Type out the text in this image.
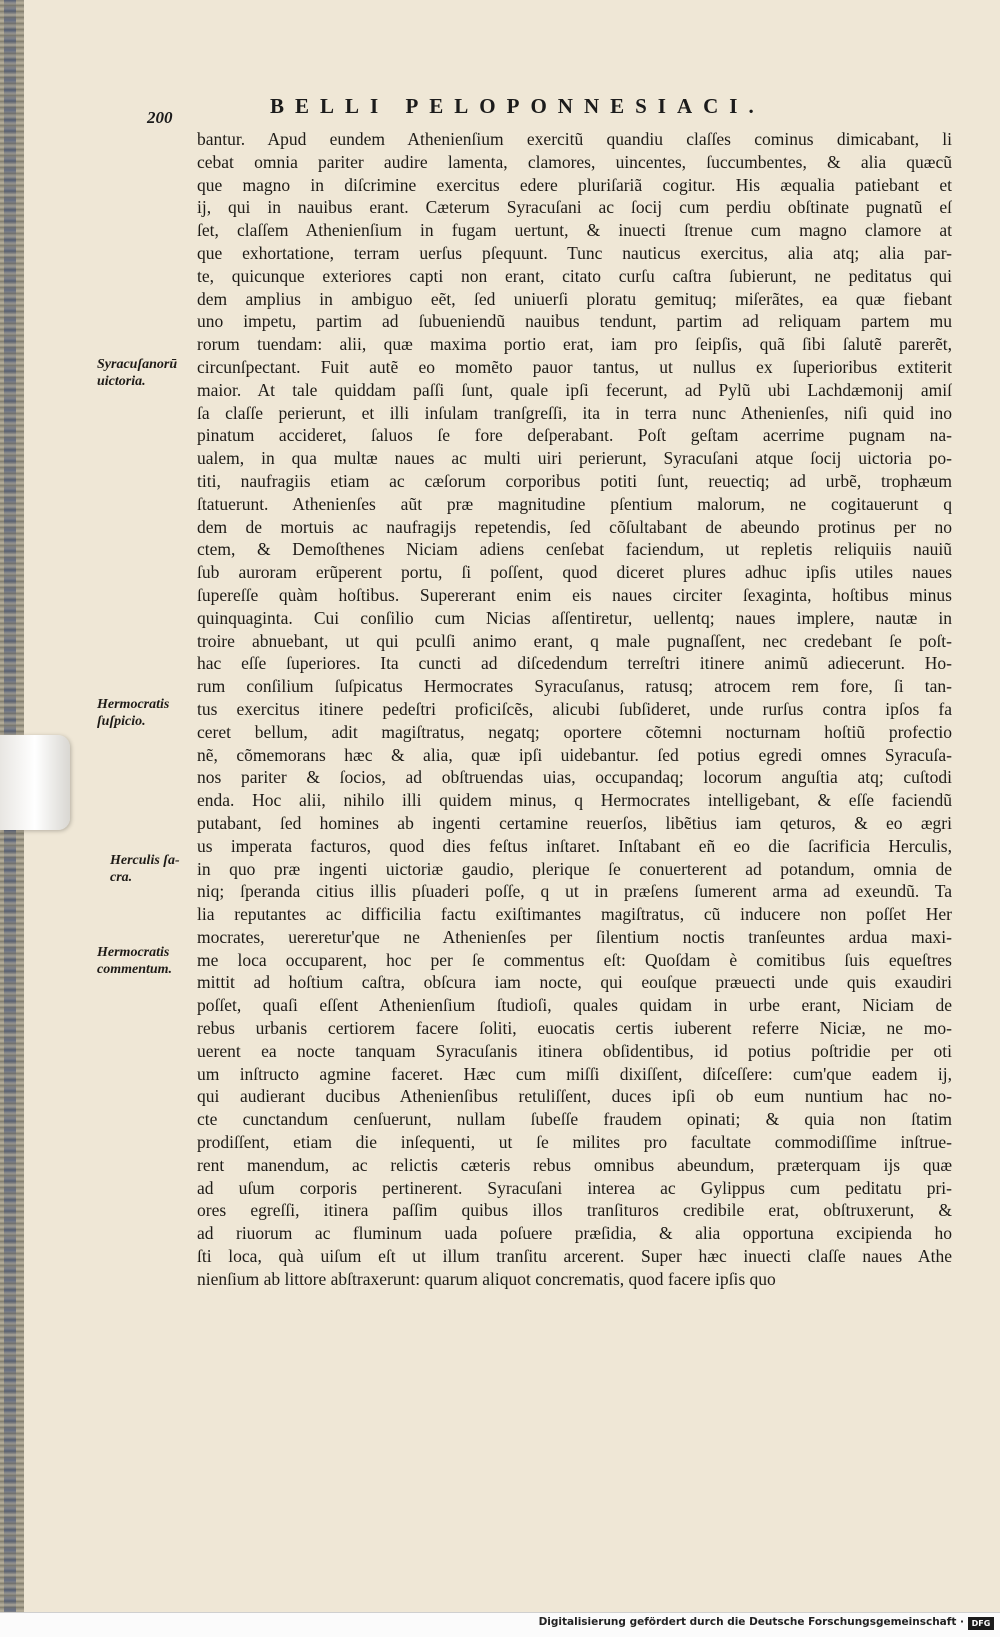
200	BELLI PELOPONNESIACI.
Syracuſanorū
uictoria.
Hermocratis
ſuſpicio.
Herculis ſa-
cra.
Hermocratis
commentum.
bantur. Apud eundem Athenienſium exercitũ quandiu claſſes cominus dimicabant, li
cebat omnia pariter audire lamenta, clamores, uincentes, ſuccumbentes, & alia quæcũ
que magno in diſcrimine exercitus edere pluriſariã cogitur. His æqualia patiebant et
ij, qui in nauibus erant. Cæterum Syracuſani ac ſocij cum perdiu obſtinate pugnatũ eſ
ſet, claſſem Athenienſium in fugam uertunt, & inuecti ſtrenue cum magno clamore at
que exhortatione, terram uerſus pſequunt. Tunc nauticus exercitus, alia atq; alia par-
te, quicunque exteriores capti non erant, citato curſu caſtra ſubierunt, ne peditatus qui
dem amplius in ambiguo eẽt, ſed uniuerſi ploratu gemituq; miſerãtes, ea quæ fiebant
uno impetu, partim ad ſubueniendũ nauibus tendunt, partim ad reliquam partem mu
rorum tuendam: alii, quæ maxima portio erat, iam pro ſeipſis, quã ſibi ſalutẽ parerẽt,
circunſpectant. Fuit autẽ eo momẽto pauor tantus, ut nullus ex ſuperioribus extiterit
maior. At tale quiddam paſſi ſunt, quale ipſi fecerunt, ad Pylũ ubi Lachdæmonij amiſ
ſa claſſe perierunt, et illi inſulam tranſgreſſi, ita in terra nunc Athenienſes, niſi quid ino
pinatum accideret, ſaluos ſe fore deſperabant. Poſt geſtam acerrime pugnam na-
ualem, in qua multæ naues ac multi uiri perierunt, Syracuſani atque ſocij uictoria po-
titi, naufragiis etiam ac cæſorum corporibus potiti ſunt, reuectiq; ad urbẽ, trophæum
ſtatuerunt. Athenienſes aũt præ magnitudine pſentium malorum, ne cogitauerunt q
dem de mortuis ac naufragijs repetendis, ſed cõſultabant de abeundo protinus per no
ctem, & Demoſthenes Niciam adiens cenſebat faciendum, ut repletis reliquiis nauiũ
ſub auroram erũperent portu, ſi poſſent, quod diceret plures adhuc ipſis utiles naues
ſupereſſe quàm hoſtibus. Supererant enim eis naues circiter ſexaginta, hoſtibus minus
quinquaginta. Cui conſilio cum Nicias aſſentiretur, uellentq; naues implere, nautæ in
troire abnuebant, ut qui pculſi animo erant, q male pugnaſſent, nec credebant ſe poſt-
hac eſſe ſuperiores. Ita cuncti ad diſcedendum terreſtri itinere animũ adiecerunt. Ho-
rum conſilium ſuſpicatus Hermocrates Syracuſanus, ratusq; atrocem rem fore, ſi tan-
tus exercitus itinere pedeſtri proficiſcẽs, alicubi ſubſideret, unde rurſus contra ipſos fa
ceret bellum, adit magiſtratus, negatq; oportere cõtemni nocturnam hoſtiũ profectio
nẽ, cõmemorans hæc & alia, quæ ipſi uidebantur. ſed potius egredi omnes Syracuſa-
nos pariter & ſocios, ad obſtruendas uias, occupandaq; locorum anguſtia atq; cuſtodi
enda. Hoc alii, nihilo illi quidem minus, q Hermocrates intelligebant, & eſſe faciendũ
putabant, ſed homines ab ingenti certamine reuerſos, libẽtius iam qeturos, & eo ægri
us imperata facturos, quod dies feſtus inſtaret. Inſtabant eñ eo die ſacrificia Herculis,
in quo præ ingenti uictoriæ gaudio, plerique ſe conuerterent ad potandum, omnia de
niq; ſperanda citius illis pſuaderi poſſe, q ut in præſens ſumerent arma ad exeundũ. Ta
lia reputantes ac difficilia factu exiſtimantes magiſtratus, cũ inducere non poſſet Her
mocrates, uereretur'que ne Athenienſes per ſilentium noctis tranſeuntes ardua maxi-
me loca occuparent, hoc per ſe commentus eſt: Quoſdam è comitibus ſuis equeſtres
mittit ad hoſtium caſtra, obſcura iam nocte, qui eouſque præuecti unde quis exaudiri
poſſet, quaſi eſſent Athenienſium ſtudioſi, quales quidam in urbe erant, Niciam de
rebus urbanis certiorem facere ſoliti, euocatis certis iuberent referre Niciæ, ne mo-
uerent ea nocte tanquam Syracuſanis itinera obſidentibus, id potius poſtridie per oti
um inſtructo agmine faceret. Hæc cum miſſi dixiſſent, diſceſſere: cum'que eadem ij,
qui audierant ducibus Athenienſibus retuliſſent, duces ipſi ob eum nuntium hac no-
cte cunctandum cenſuerunt, nullam ſubeſſe fraudem opinati; & quia non ſtatim
prodiſſent, etiam die inſequenti, ut ſe milites pro facultate commodiſſime inſtrue-
rent manendum, ac relictis cæteris rebus omnibus abeundum, præterquam ijs quæ
ad uſum corporis pertinerent. Syracuſani interea ac Gylippus cum peditatu pri-
ores egreſſi, itinera paſſim quibus illos tranſituros credibile erat, obſtruxerunt, &
ad riuorum ac fluminum uada poſuere præſidia, & alia opportuna excipienda ho
ſti loca, quà uiſum eſt ut illum tranſitu arcerent. Super hæc inuecti claſſe naues Athe
nienſium ab littore abſtraxerunt: quarum aliquot concrematis, quod facere ipſis quo
Digitalisierung gefördert durch die Deutsche Forschungsgemeinschaft · DFG
